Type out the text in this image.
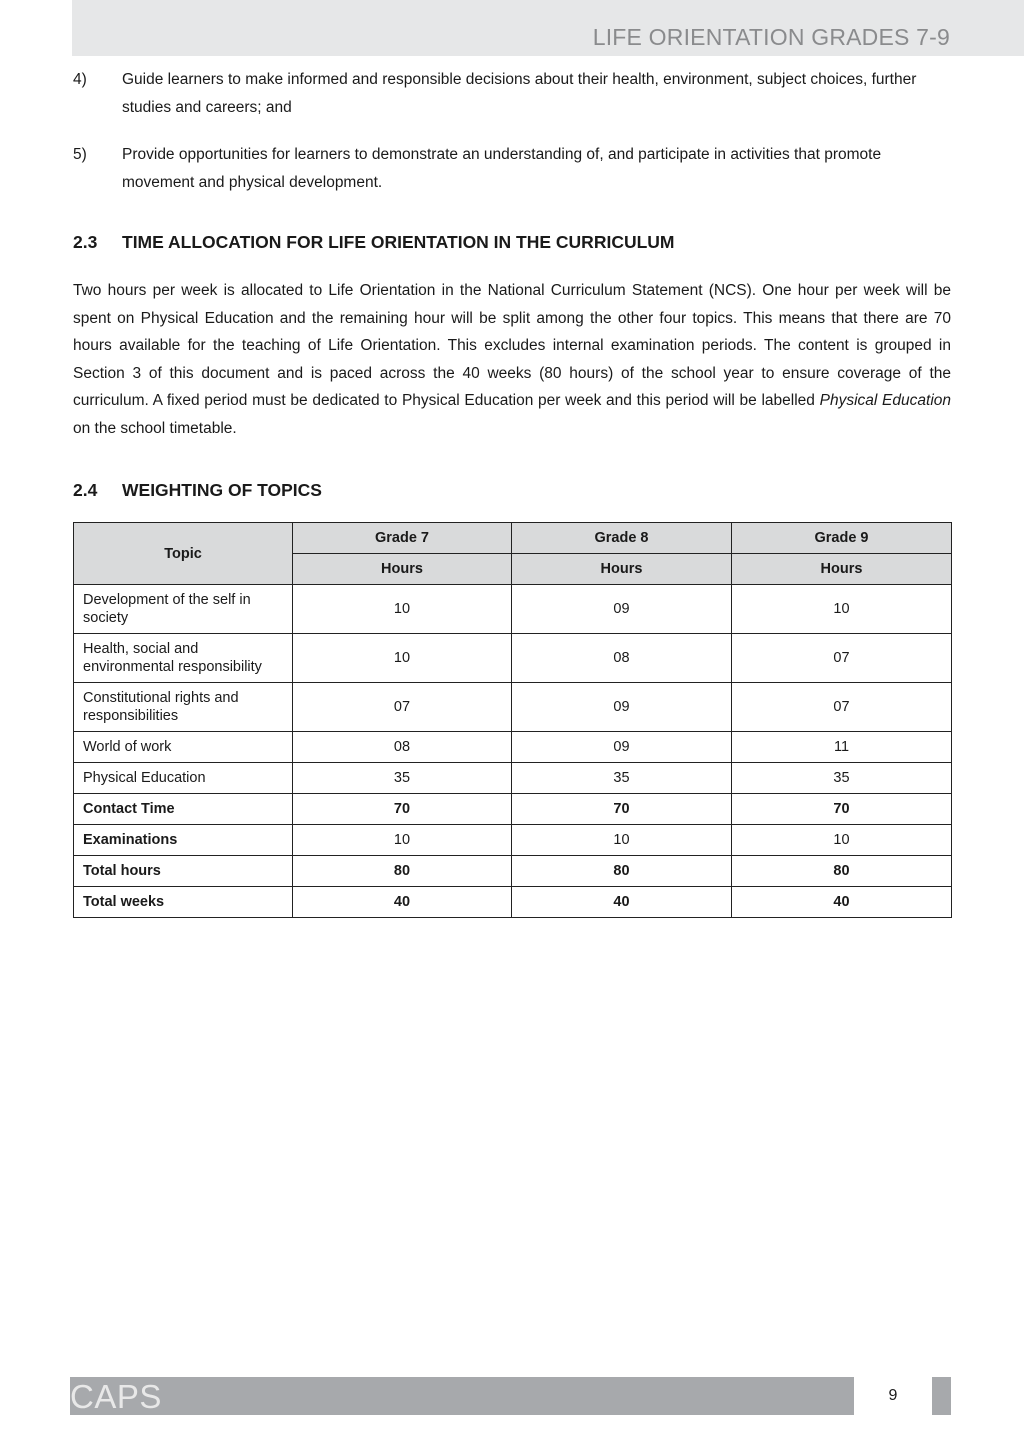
LIFE ORIENTATION GRADES 7-9
4) Guide learners to make informed and responsible decisions about their health, environment, subject choices, further studies and careers; and
5) Provide opportunities for learners to demonstrate an understanding of, and participate in activities that promote movement and physical development.
2.3 TIME ALLOCATION FOR LIFE ORIENTATION IN THE CURRICULUM
Two hours per week is allocated to Life Orientation in the National Curriculum Statement (NCS). One hour per week will be spent on Physical Education and the remaining hour will be split among the other four topics. This means that there are 70 hours available for the teaching of Life Orientation. This excludes internal examination periods. The content is grouped in Section 3 of this document and is paced across the 40 weeks (80 hours) of the school year to ensure coverage of the curriculum. A fixed period must be dedicated to Physical Education per week and this period will be labelled Physical Education on the school timetable.
2.4 WEIGHTING OF TOPICS
Topic	Grade 7	Grade 8	Grade 9
	Hours	Hours	Hours
Development of the self in society	10	09	10
Health, social and environmental responsibility	10	08	07
Constitutional rights and responsibilities	07	09	07
World of work	08	09	11
Physical Education	35	35	35
Contact Time	70	70	70
Examinations	10	10	10
Total hours	80	80	80
Total weeks	40	40	40
CAPS	9
